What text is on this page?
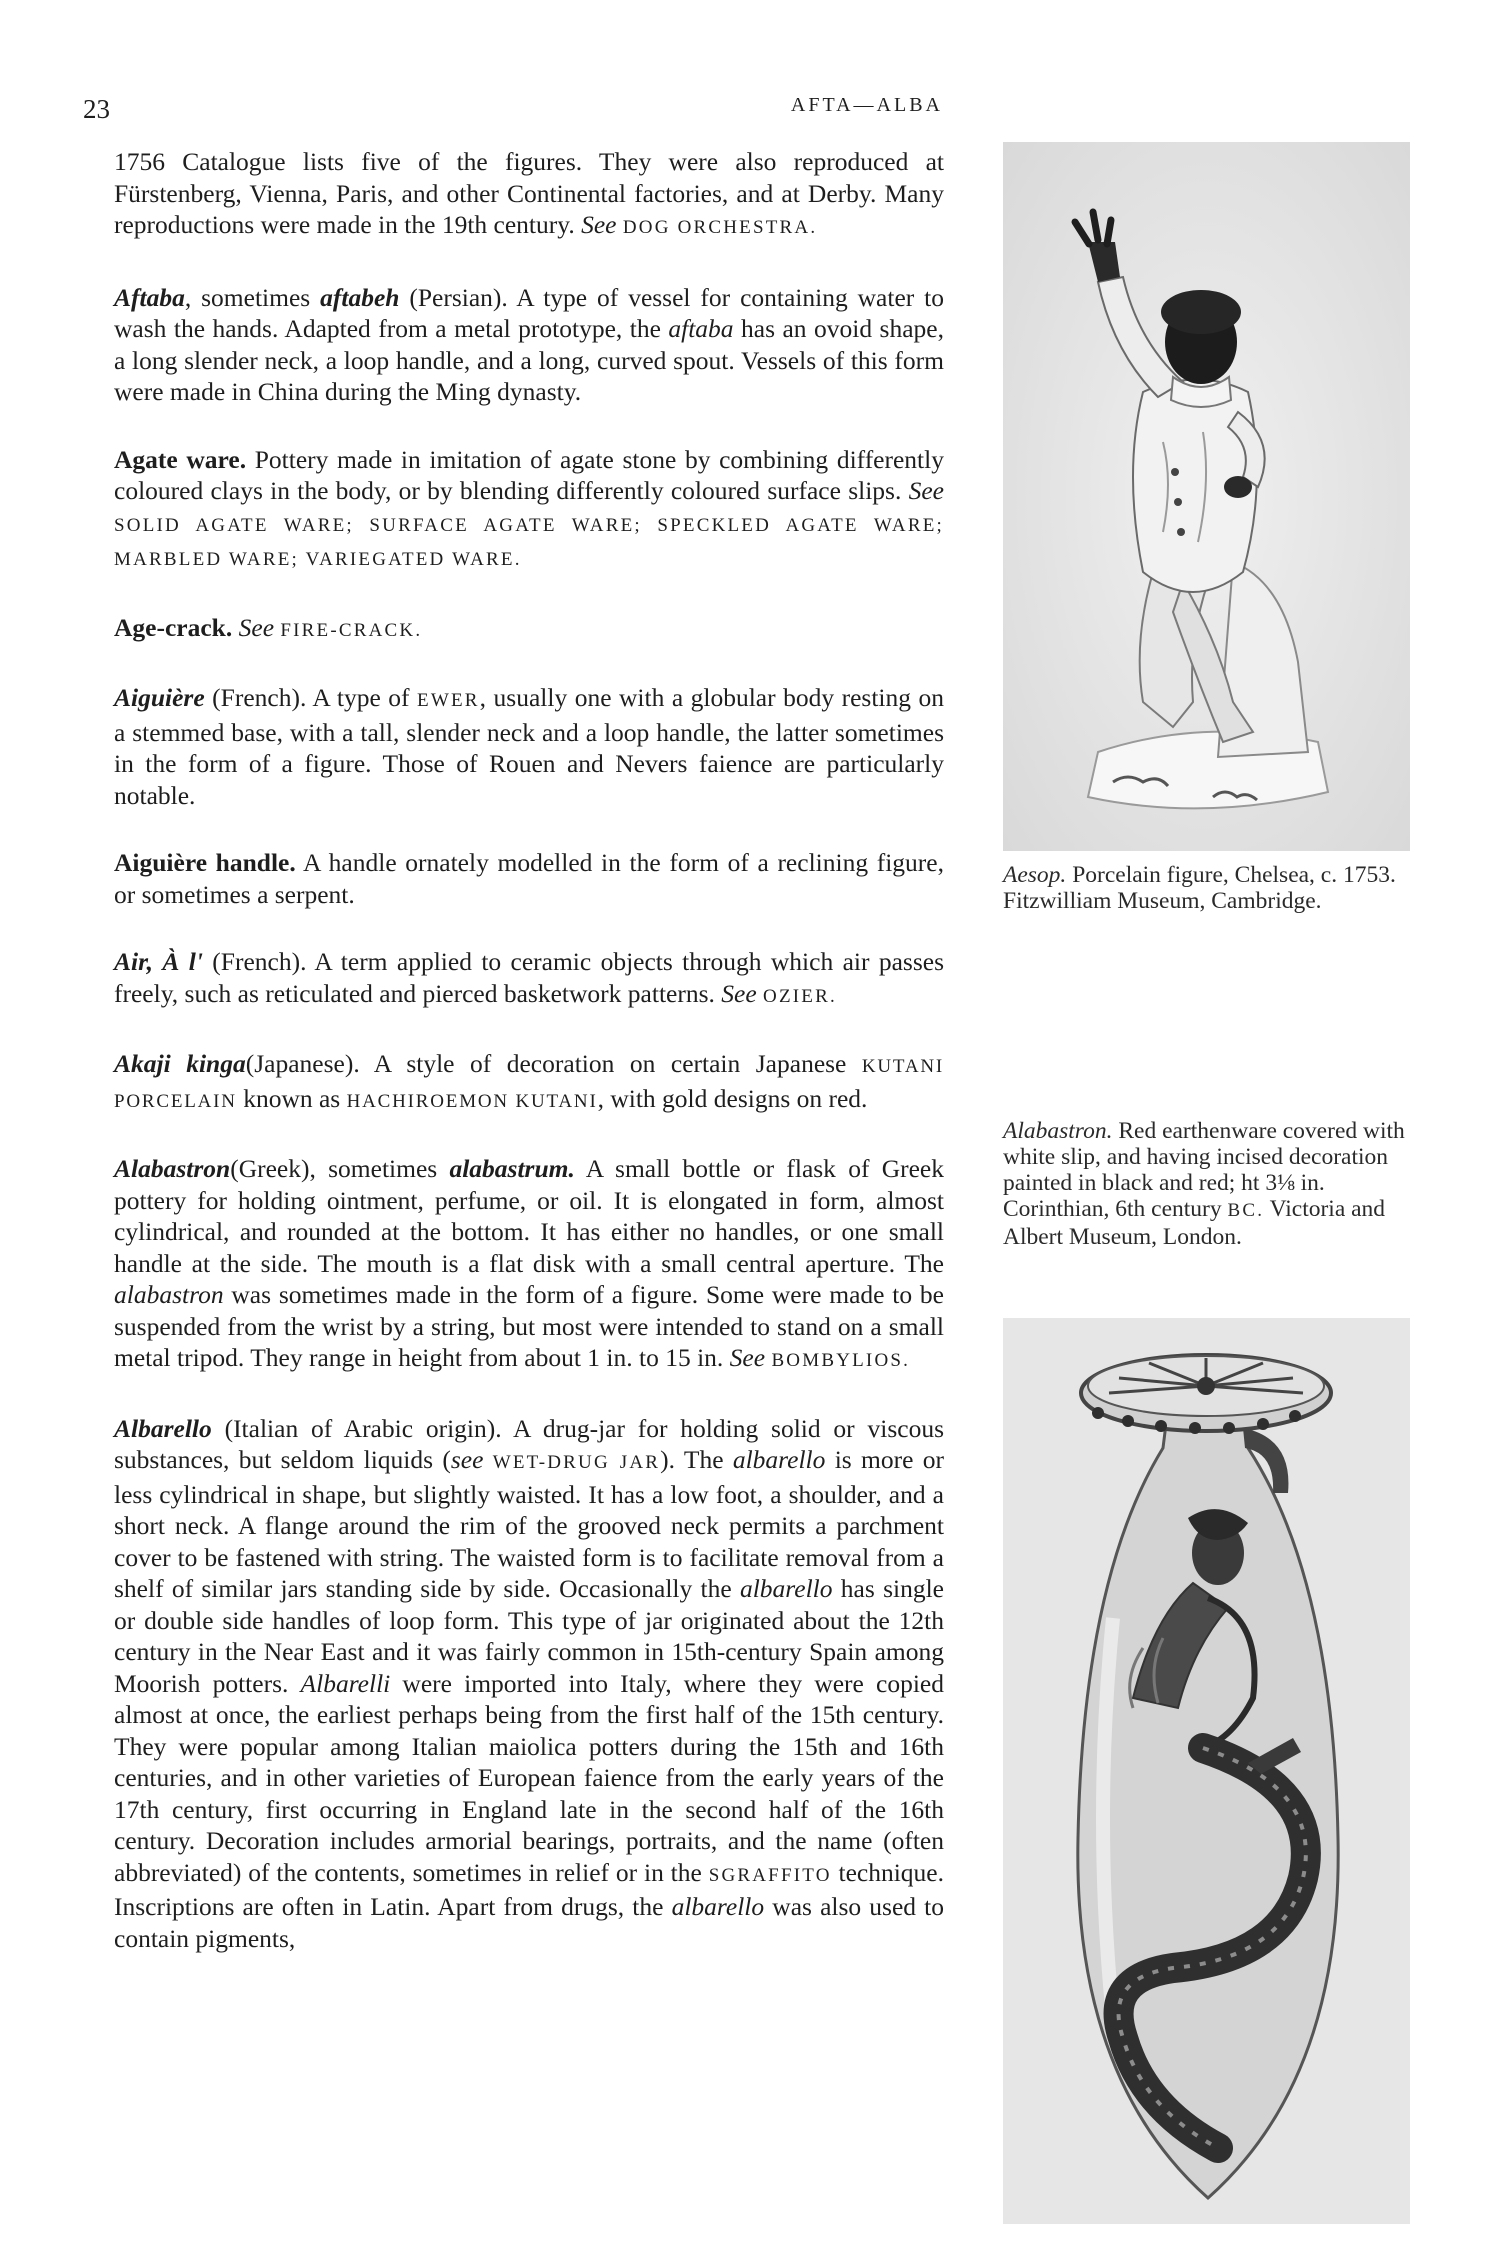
23	AFTA—ALBA

1756 Catalogue lists five of the figures. They were also reproduced at Fürstenberg, Vienna, Paris, and other Continental factories, and at Derby. Many reproductions were made in the 19th century. See DOG ORCHESTRA.

Aftaba, sometimes aftabeh (Persian). A type of vessel for containing water to wash the hands. Adapted from a metal prototype, the aftaba has an ovoid shape, a long slender neck, a loop handle, and a long, curved spout. Vessels of this form were made in China during the Ming dynasty.

Agate ware. Pottery made in imitation of agate stone by combining differently coloured clays in the body, or by blending differently coloured surface slips. See SOLID AGATE WARE; SURFACE AGATE WARE; SPECKLED AGATE WARE; MARBLED WARE; VARIEGATED WARE.

Age-crack. See FIRE-CRACK.

Aiguière (French). A type of EWER, usually one with a globular body resting on a stemmed base, with a tall, slender neck and a loop handle, the latter sometimes in the form of a figure. Those of Rouen and Nevers faience are particularly notable.

Aiguière handle. A handle ornately modelled in the form of a reclining figure, or sometimes a serpent.

Air, À l' (French). A term applied to ceramic objects through which air passes freely, such as reticulated and pierced basketwork patterns. See OZIER.

Akaji kinga(Japanese). A style of decoration on certain Japanese KUTANI PORCELAIN known as HACHIROEMON KUTANI, with gold designs on red.

Alabastron(Greek), sometimes alabastrum. A small bottle or flask of Greek pottery for holding ointment, perfume, or oil. It is elongated in form, almost cylindrical, and rounded at the bottom. It has either no handles, or one small handle at the side. The mouth is a flat disk with a small central aperture. The alabastron was sometimes made in the form of a figure. Some were made to be suspended from the wrist by a string, but most were intended to stand on a small metal tripod. They range in height from about 1 in. to 15 in. See BOMBYLIOS.

Albarello (Italian of Arabic origin). A drug-jar for holding solid or viscous substances, but seldom liquids (see WET-DRUG JAR). The albarello is more or less cylindrical in shape, but slightly waisted. It has a low foot, a shoulder, and a short neck. A flange around the rim of the grooved neck permits a parchment cover to be fastened with string. The waisted form is to facilitate removal from a shelf of similar jars standing side by side. Occasionally the albarello has single or double side handles of loop form. This type of jar originated about the 12th century in the Near East and it was fairly common in 15th-century Spain among Moorish potters. Albarelli were imported into Italy, where they were copied almost at once, the earliest perhaps being from the first half of the 15th century. They were popular among Italian maiolica potters during the 15th and 16th centuries, and in other varieties of European faience from the early years of the 17th century, first occurring in England late in the second half of the 16th century. Decoration includes armorial bearings, portraits, and the name (often abbreviated) of the contents, sometimes in relief or in the SGRAFFITO technique. Inscriptions are often in Latin. Apart from drugs, the albarello was also used to contain pigments,

Aesop. Porcelain figure, Chelsea, c. 1753. Fitzwilliam Museum, Cambridge.
Alabastron. Red earthenware covered with white slip, and having incised decoration painted in black and red; ht 3⅛ in. Corinthian, 6th century BC. Victoria and Albert Museum, London.
